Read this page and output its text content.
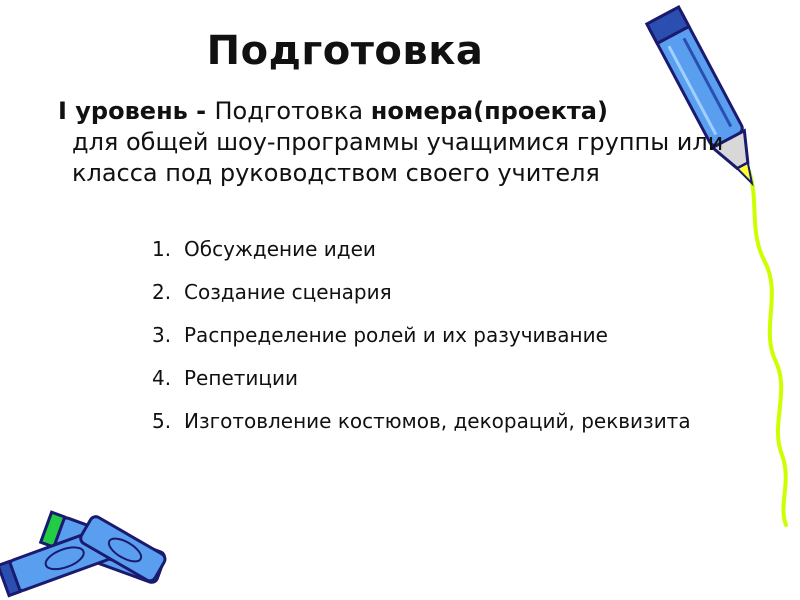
Подготовка
I уровень - Подготовка номера(проекта)
для общей шоу-программы учащимися группы или класса под руководством своего учителя
1. Обсуждение идеи
2. Создание сценария
3. Распределение ролей и их разучивание
4. Репетиции
5. Изготовление костюмов, декораций, реквизита
